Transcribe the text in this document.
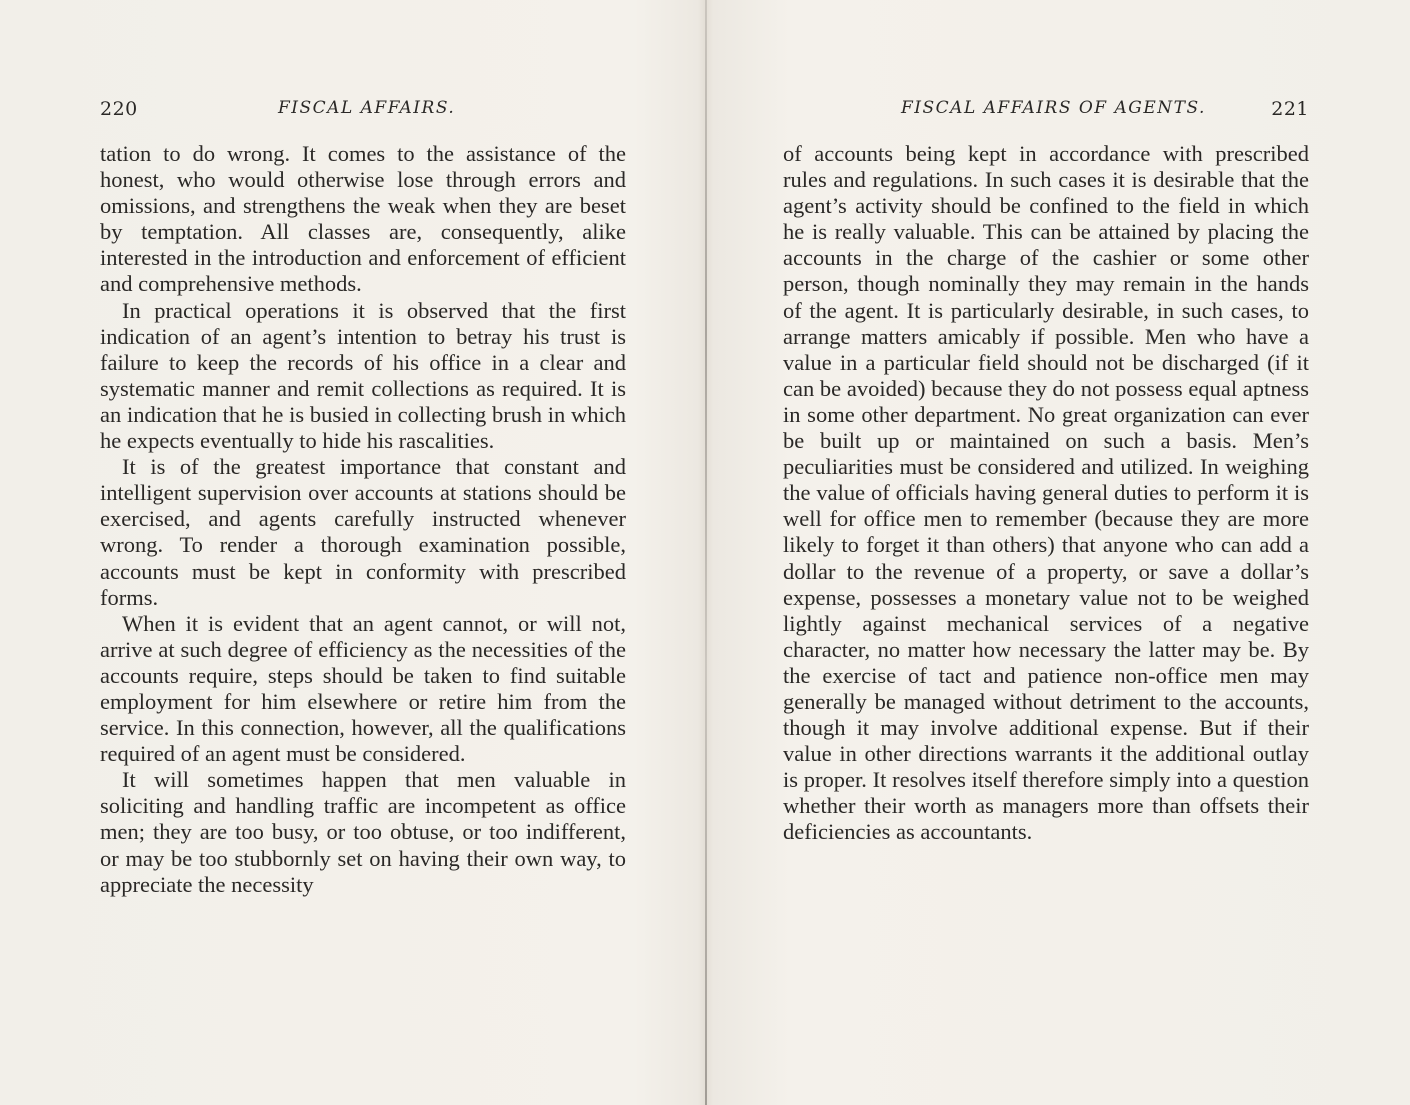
220	FISCAL AFFAIRS.

tation to do wrong. It comes to the assistance of the honest, who would otherwise lose through errors and omissions, and strengthens the weak when they are beset by temptation. All classes are, consequently, alike interested in the introduction and enforcement of efficient and comprehensive methods.

In practical operations it is observed that the first indication of an agent’s intention to betray his trust is failure to keep the records of his office in a clear and systematic manner and remit collections as required. It is an indication that he is busied in collecting brush in which he expects eventually to hide his rascalities.

It is of the greatest importance that constant and intelligent supervision over accounts at stations should be exercised, and agents carefully instructed whenever wrong. To render a thorough examination possible, accounts must be kept in conformity with prescribed forms.

When it is evident that an agent cannot, or will not, arrive at such degree of efficiency as the necessities of the accounts require, steps should be taken to find suitable employment for him elsewhere or retire him from the service. In this connection, however, all the qualifications required of an agent must be considered.

It will sometimes happen that men valuable in soliciting and handling traffic are incompetent as office men; they are too busy, or too obtuse, or too indifferent, or may be too stubbornly set on having their own way, to appreciate the necessity

FISCAL AFFAIRS OF AGENTS.	221

of accounts being kept in accordance with prescribed rules and regulations. In such cases it is desirable that the agent’s activity should be confined to the field in which he is really valuable. This can be attained by placing the accounts in the charge of the cashier or some other person, though nominally they may remain in the hands of the agent. It is particularly desirable, in such cases, to arrange matters amicably if possible. Men who have a value in a particular field should not be discharged (if it can be avoided) because they do not possess equal aptness in some other department. No great organization can ever be built up or maintained on such a basis. Men’s peculiarities must be considered and utilized. In weighing the value of officials having general duties to perform it is well for office men to remember (because they are more likely to forget it than others) that anyone who can add a dollar to the revenue of a property, or save a dollar’s expense, possesses a monetary value not to be weighed lightly against mechanical services of a negative character, no matter how necessary the latter may be. By the exercise of tact and patience non-office men may generally be managed without detriment to the accounts, though it may involve additional expense. But if their value in other directions warrants it the additional outlay is proper. It resolves itself therefore simply into a question whether their worth as managers more than offsets their deficiencies as accountants.
